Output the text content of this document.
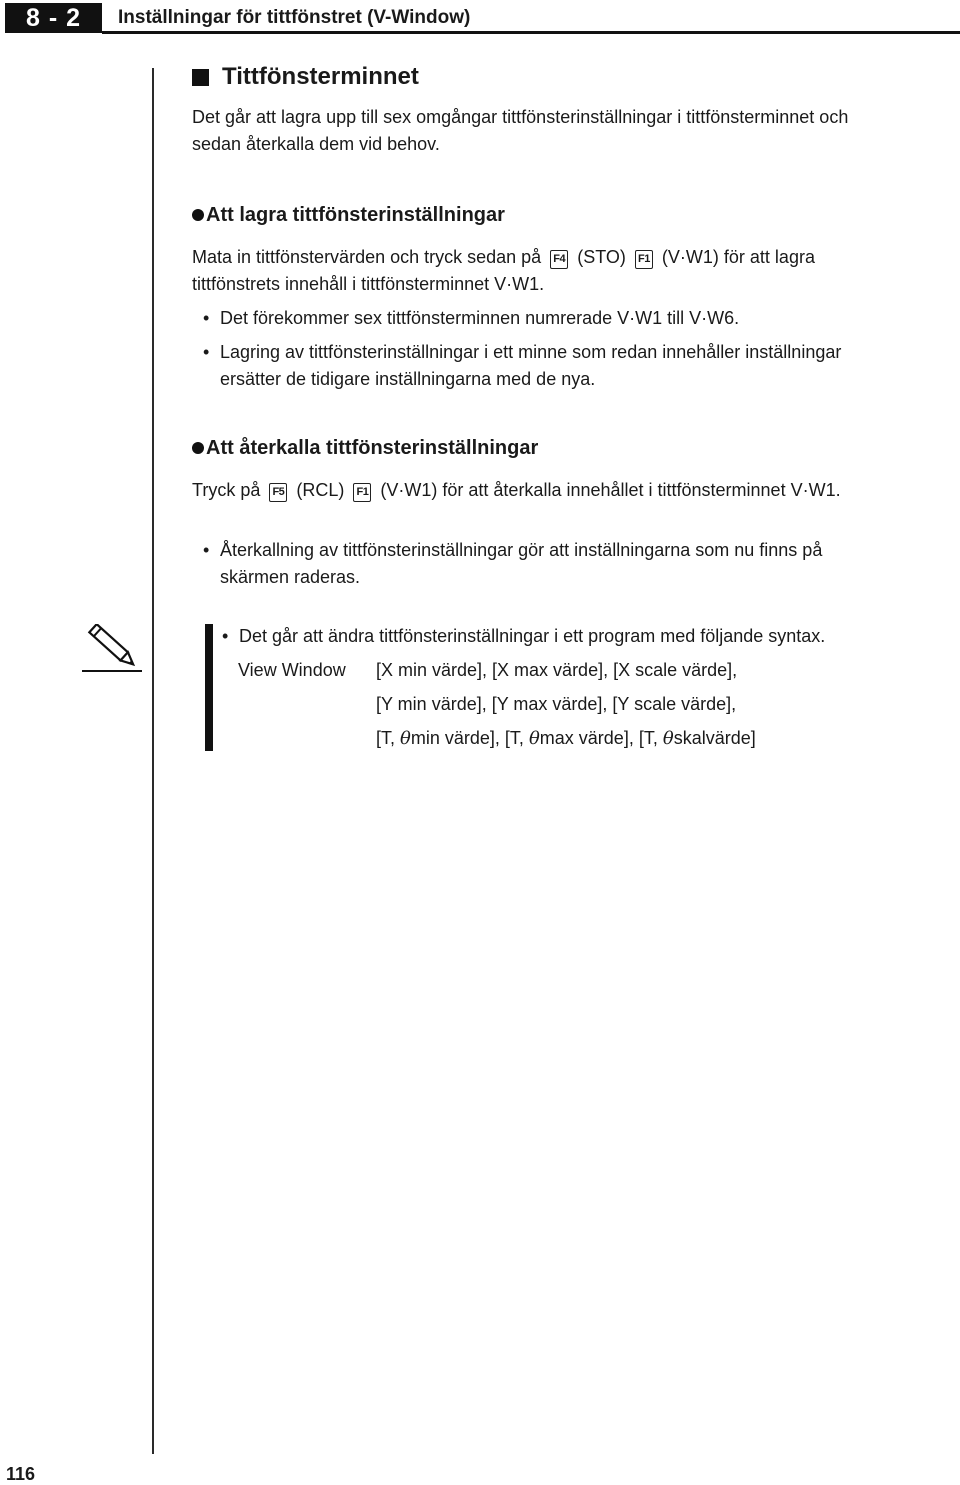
8 - 2	Inställningar för tittfönstret (V-Window)
Tittfönsterminnet

Det går att lagra upp till sex omgångar tittfönsterinställningar i tittfönsterminnet och

sedan återkalla dem vid behov.

Att lagra tittfönsterinställningar
Mata in tittfönstervärden och tryck sedan på F4 (STO) F1 (V·W1) för att lagra

tittfönstrets innehåll i tittfönsterminnet V·W1.

• Det förekommer sex tittfönsterminnen numrerade V·W1 till V·W6.
• Lagring av tittfönsterinställningar i ett minne som redan innehåller inställningar
ersätter de tidigare inställningarna med de nya.
Att återkalla tittfönsterinställningar
Tryck på F5 (RCL) F1 (V·W1) för att återkalla innehållet i tittfönsterminnet V·W1.
• Återkallning av tittfönsterinställningar gör att inställningarna som nu finns på
skärmen raderas.
• Det går att ändra tittfönsterinställningar i ett program med följande syntax.
View Window [X min värde], [X max värde], [X scale värde],
[Y min värde], [Y max värde], [Y scale värde],
[T, θmin värde], [T, θmax värde], [T, θskalvärde]
116
